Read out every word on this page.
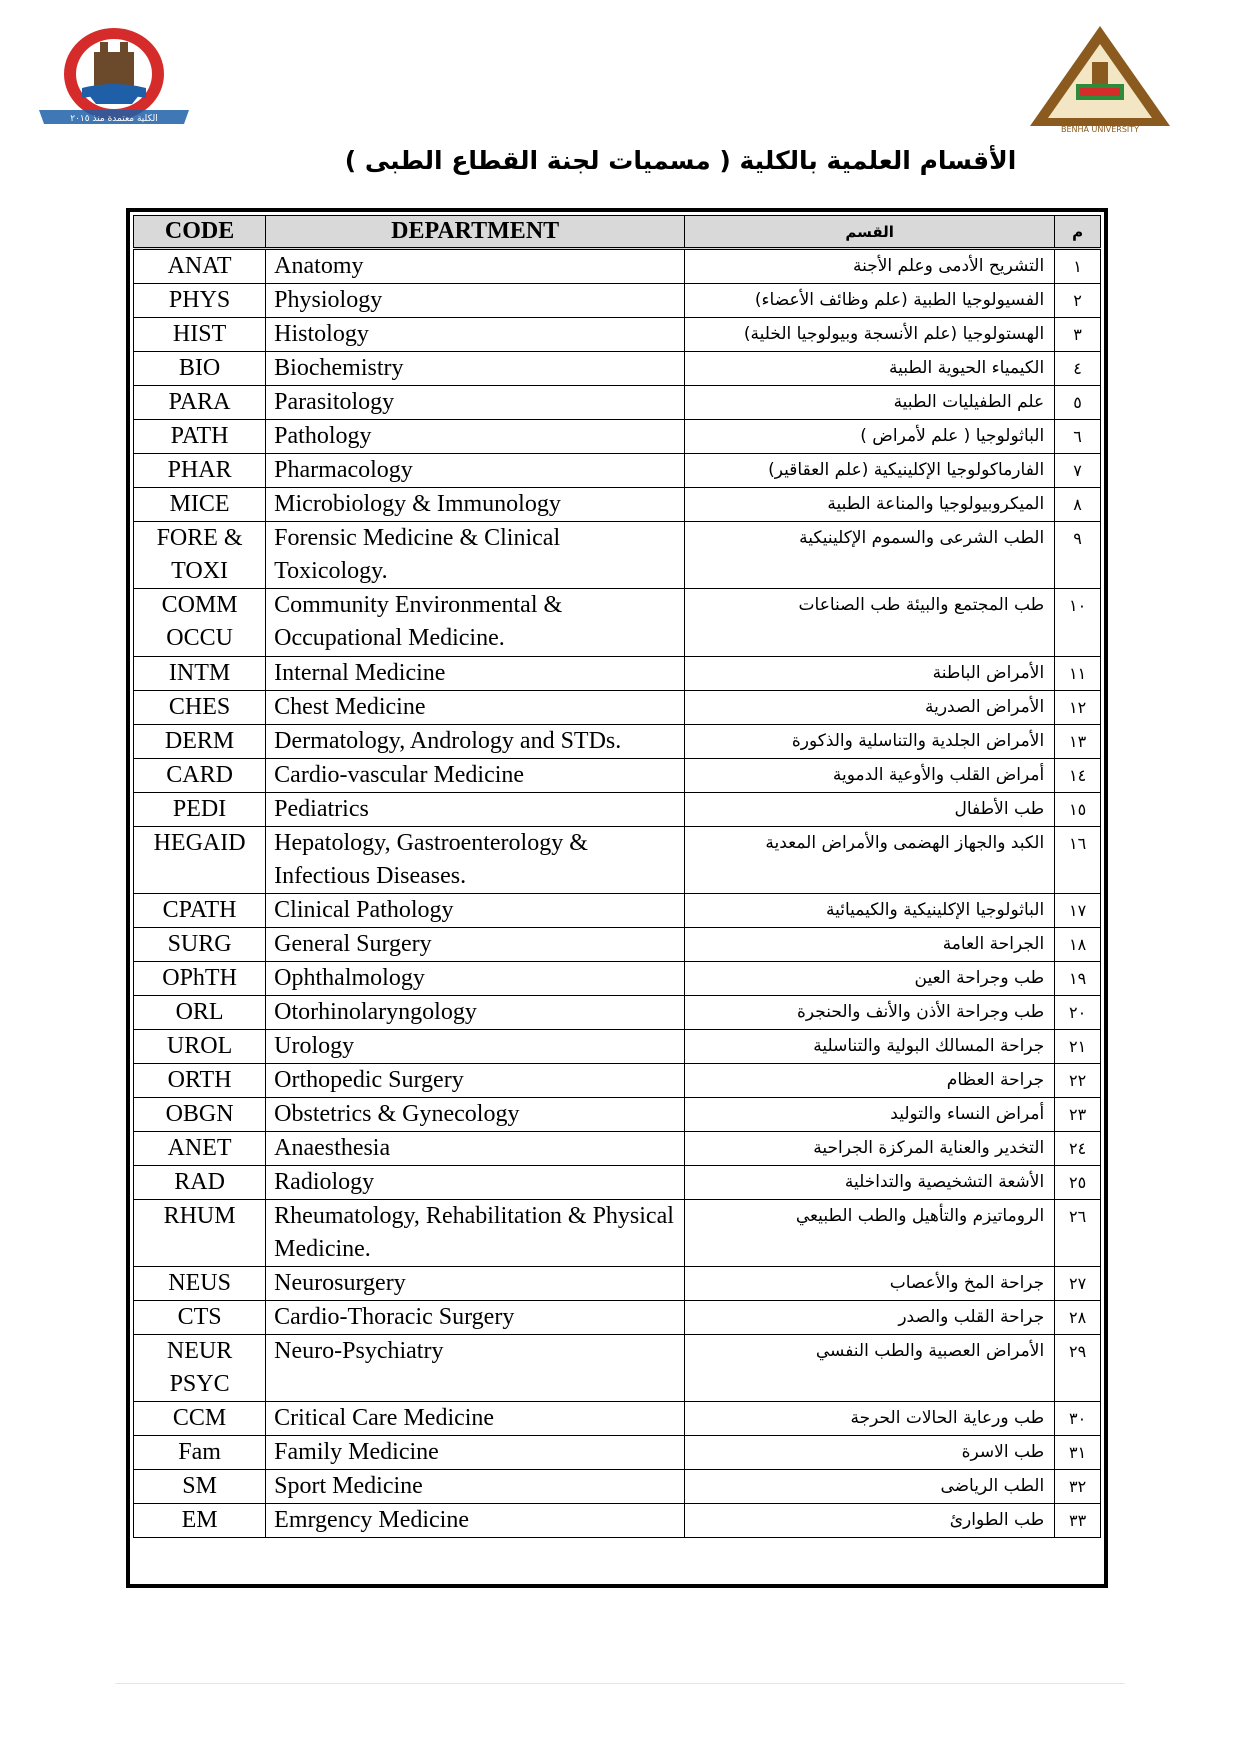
الكلية معتمدة منذ ٢٠١٥
BENHA UNIVERSITY
الأقسام العلمية بالكلية ( مسميات لجنة القطاع الطبى )
CODE	DEPARTMENT	القسم	م
ANAT	Anatomy	التشريح الأدمى وعلم الأجنة	١
PHYS	Physiology	الفسيولوجيا الطبية (علم وظائف الأعضاء)	٢
HIST	Histology	الهستولوجيا (علم الأنسجة وبيولوجيا الخلية)	٣
BIO	Biochemistry	الكيمياء الحيوية الطبية	٤
PARA	Parasitology	علم الطفيليات الطبية	٥
PATH	Pathology	الباثولوجيا ( علم لأمراض )	٦
PHAR	Pharmacology	الفارماكولوجيا الإكلينيكية (علم العقاقير)	٧
MICE	Microbiology & Immunology	الميكروبيولوجيا والمناعة الطبية	٨
FORE & TOXI	Forensic Medicine & Clinical Toxicology.	الطب الشرعى والسموم الإكلينيكية	٩
COMM OCCU	Community Environmental & Occupational Medicine.	طب المجتمع والبيئة طب الصناعات	١٠
INTM	Internal Medicine	الأمراض الباطنة	١١
CHES	Chest Medicine	الأمراض الصدرية	١٢
DERM	Dermatology, Andrology and STDs.	الأمراض الجلدية والتناسلية والذكورة	١٣
CARD	Cardio-vascular Medicine	أمراض القلب والأوعية الدموية	١٤
PEDI	Pediatrics	طب الأطفال	١٥
HEGAID	Hepatology, Gastroenterology & Infectious Diseases.	الكبد والجهاز الهضمى والأمراض المعدية	١٦
CPATH	Clinical Pathology	الباثولوجيا الإكلينيكية والكيميائية	١٧
SURG	General Surgery	الجراحة العامة	١٨
OPhTH	Ophthalmology	طب وجراحة العين	١٩
ORL	Otorhinolaryngology	طب وجراحة الأذن والأنف والحنجرة	٢٠
UROL	Urology	جراحة المسالك البولية والتناسلية	٢١
ORTH	Orthopedic Surgery	جراحة العظام	٢٢
OBGN	Obstetrics & Gynecology	أمراض النساء والتوليد	٢٣
ANET	Anaesthesia	التخدير والعناية المركزة الجراحية	٢٤
RAD	Radiology	الأشعة التشخيصية والتداخلية	٢٥
RHUM	Rheumatology, Rehabilitation & Physical Medicine.	الروماتيزم والتأهيل والطب الطبيعي	٢٦
NEUS	Neurosurgery	جراحة المخ والأعصاب	٢٧
CTS	Cardio-Thoracic Surgery	جراحة القلب والصدر	٢٨
NEUR PSYC	Neuro-Psychiatry	الأمراض العصبية والطب النفسي	٢٩
CCM	Critical Care Medicine	طب ورعاية الحالات الحرجة	٣٠
Fam	Family Medicine	طب الاسرة	٣١
SM	Sport Medicine	الطب الرياضى	٣٢
EM	Emrgency Medicine	طب الطوارئ	٣٣
